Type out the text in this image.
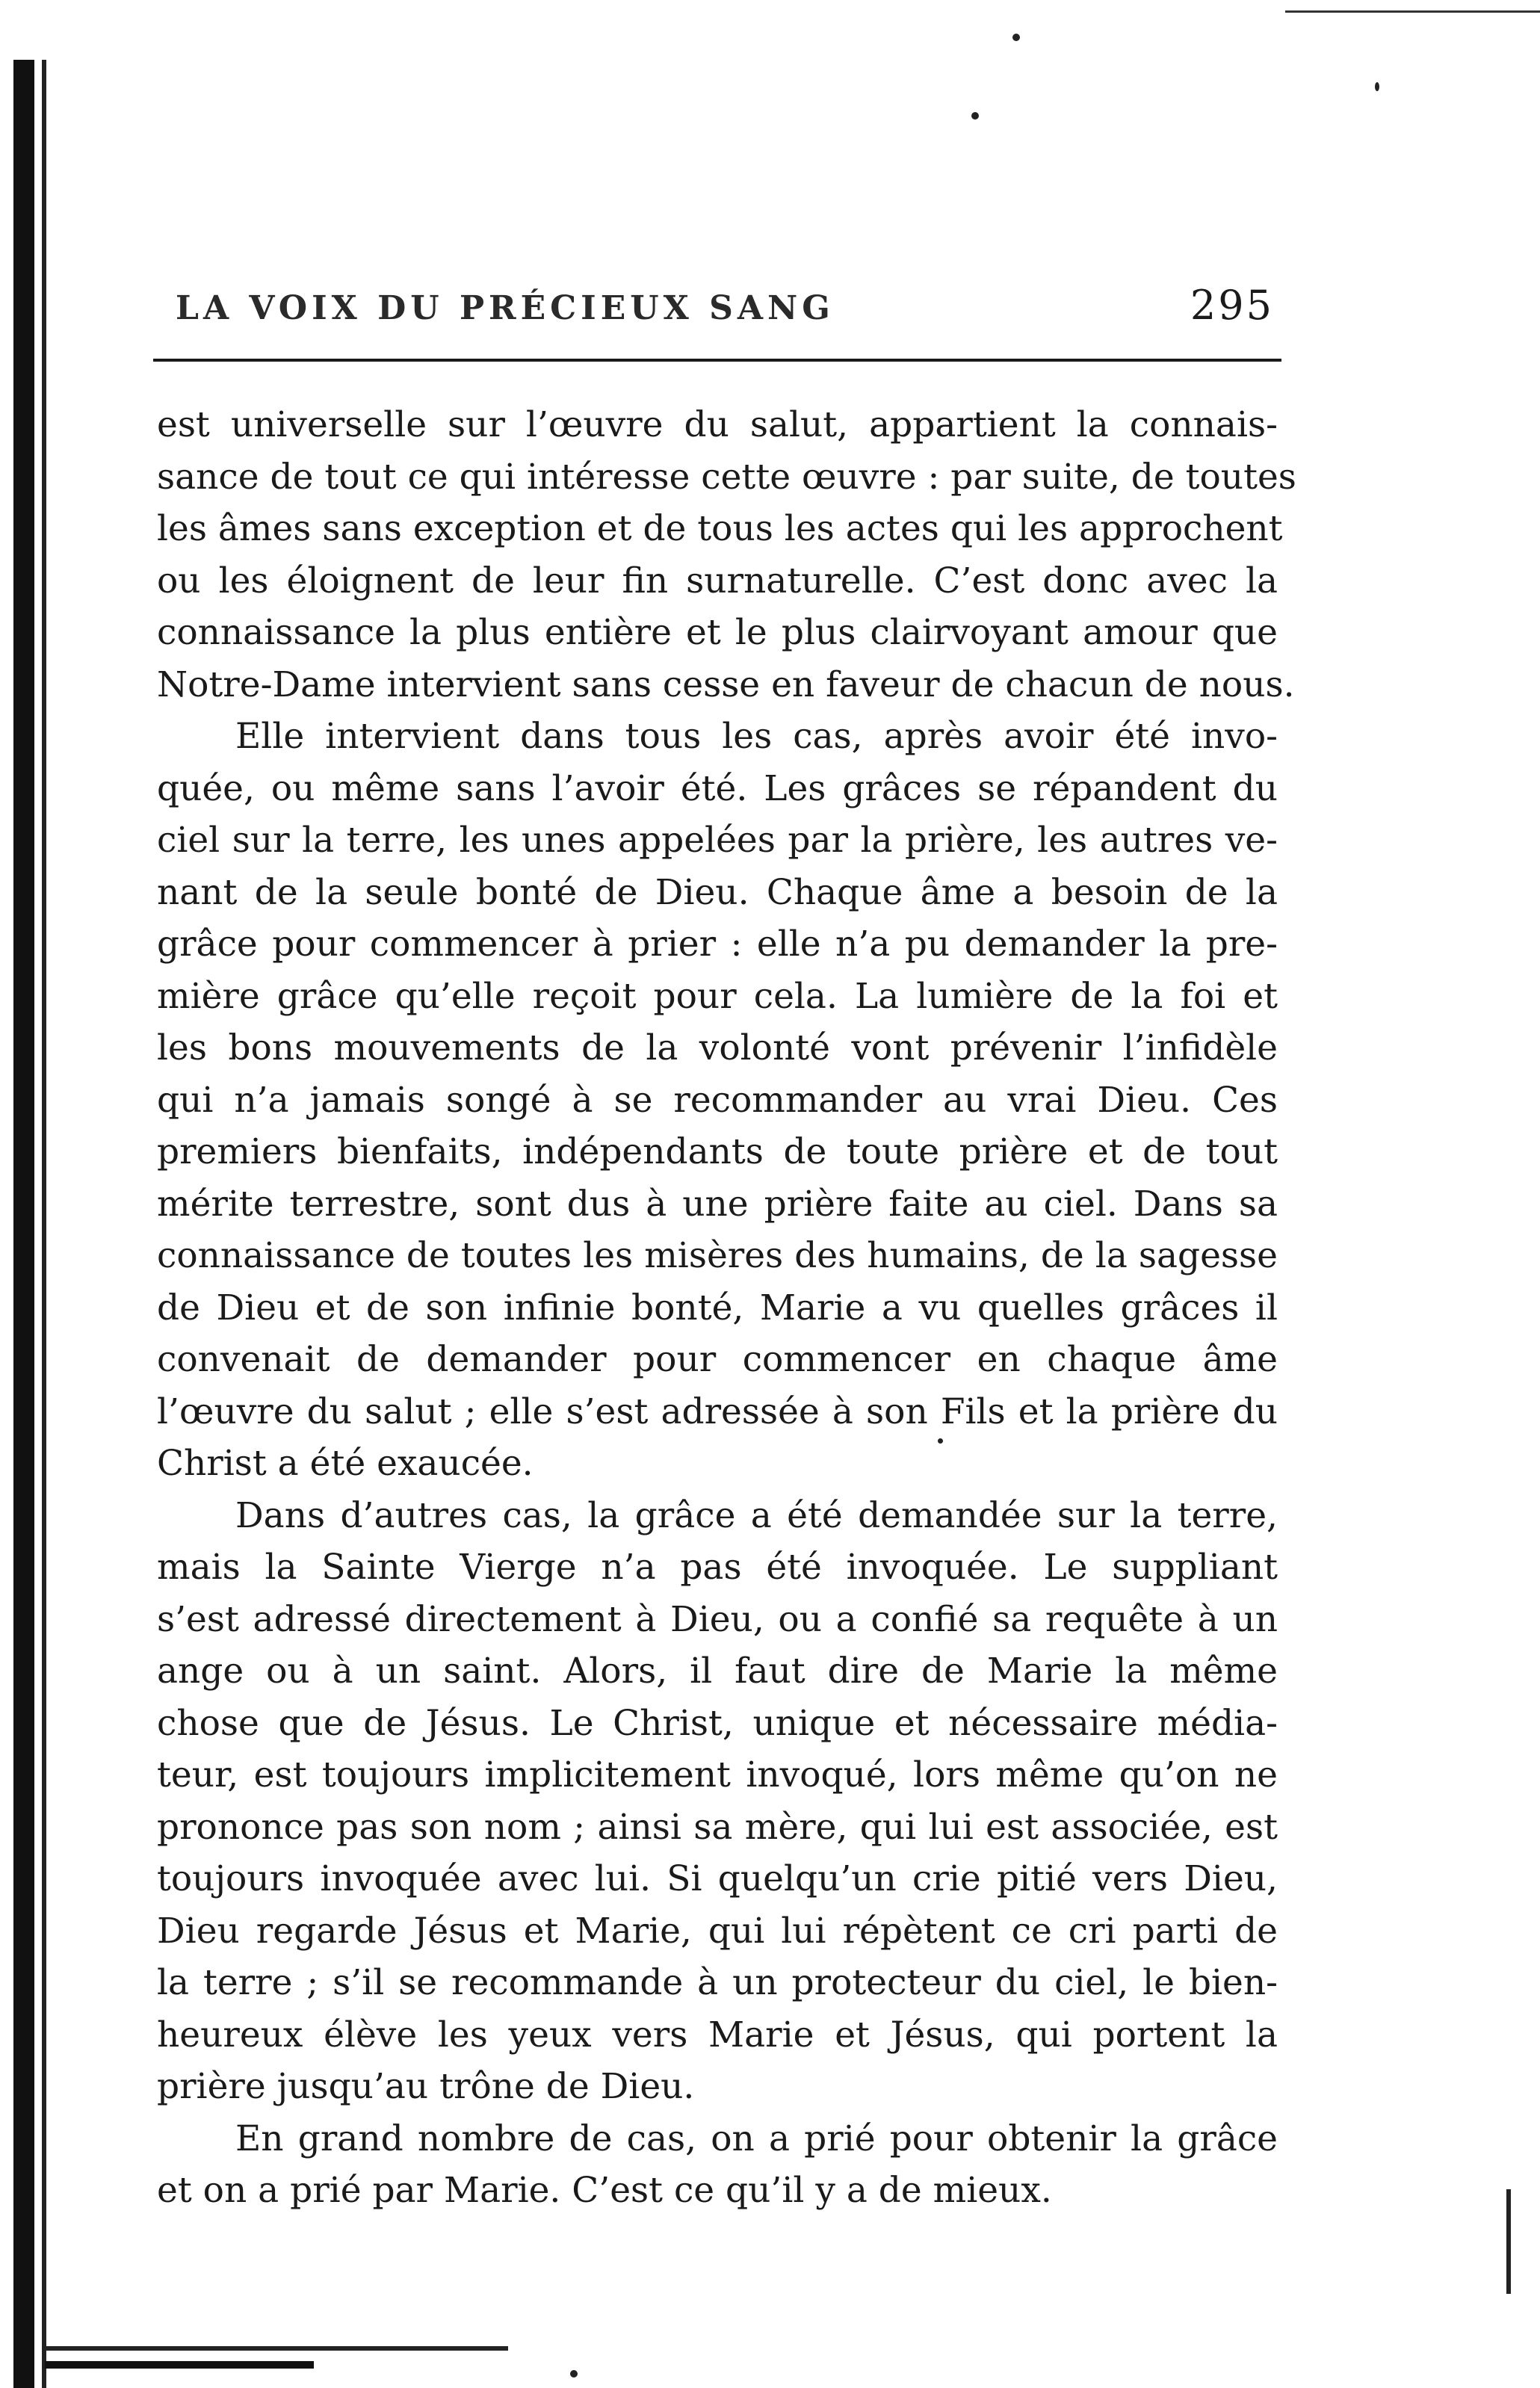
LA VOIX DU PRÉCIEUX SANG	295
est universelle sur l’œuvre du salut, appartient la connais-
sance de tout ce qui intéresse cette œuvre : par suite, de toutes
les âmes sans exception et de tous les actes qui les approchent
ou les éloignent de leur fin surnaturelle. C’est donc avec la
connaissance la plus entière et le plus clairvoyant amour que
Notre-Dame intervient sans cesse en faveur de chacun de nous.
Elle intervient dans tous les cas, après avoir été invo-
quée, ou même sans l’avoir été. Les grâces se répandent du
ciel sur la terre, les unes appelées par la prière, les autres ve-
nant de la seule bonté de Dieu. Chaque âme a besoin de la
grâce pour commencer à prier : elle n’a pu demander la pre-
mière grâce qu’elle reçoit pour cela. La lumière de la foi et
les bons mouvements de la volonté vont prévenir l’infidèle
qui n’a jamais songé à se recommander au vrai Dieu. Ces
premiers bienfaits, indépendants de toute prière et de tout
mérite terrestre, sont dus à une prière faite au ciel. Dans sa
connaissance de toutes les misères des humains, de la sagesse
de Dieu et de son infinie bonté, Marie a vu quelles grâces il
convenait de demander pour commencer en chaque âme
l’œuvre du salut ; elle s’est adressée à son Fils et la prière du
Christ a été exaucée.
Dans d’autres cas, la grâce a été demandée sur la terre,
mais la Sainte Vierge n’a pas été invoquée. Le suppliant
s’est adressé directement à Dieu, ou a confié sa requête à un
ange ou à un saint. Alors, il faut dire de Marie la même
chose que de Jésus. Le Christ, unique et nécessaire média-
teur, est toujours implicitement invoqué, lors même qu’on ne
prononce pas son nom ; ainsi sa mère, qui lui est associée, est
toujours invoquée avec lui. Si quelqu’un crie pitié vers Dieu,
Dieu regarde Jésus et Marie, qui lui répètent ce cri parti de
la terre ; s’il se recommande à un protecteur du ciel, le bien-
heureux élève les yeux vers Marie et Jésus, qui portent la
prière jusqu’au trône de Dieu.
En grand nombre de cas, on a prié pour obtenir la grâce
et on a prié par Marie. C’est ce qu’il y a de mieux.
